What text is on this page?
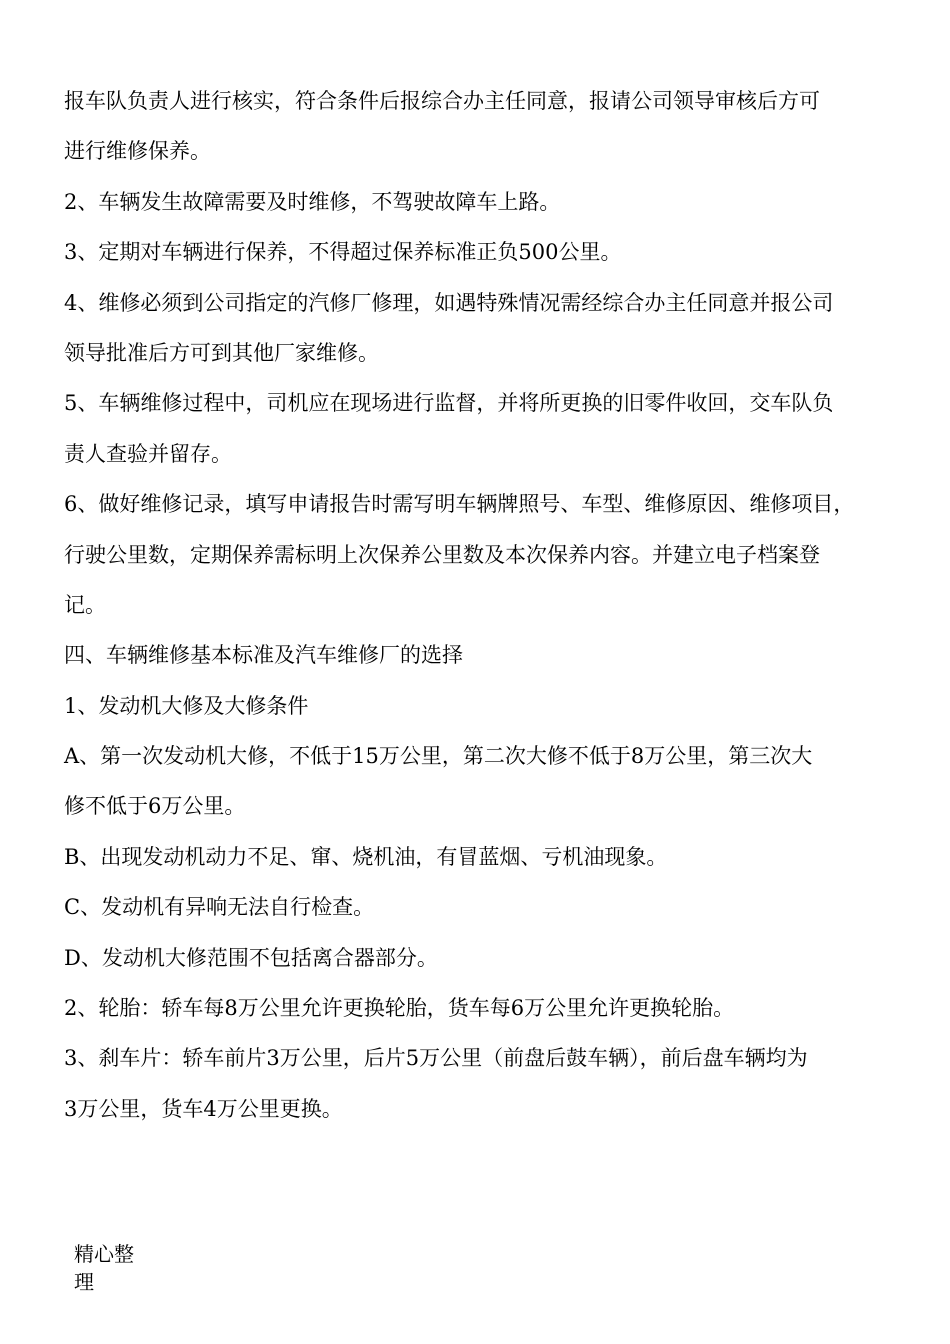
报车队负责人进行核实，符合条件后报综合办主任同意，报请公司领导审核后方可
进行维修保养。
2、车辆发生故障需要及时维修，不驾驶故障车上路。
3、定期对车辆进行保养，不得超过保养标准正负500公里。
4、维修必须到公司指定的汽修厂修理，如遇特殊情况需经综合办主任同意并报公司
领导批准后方可到其他厂家维修。
5、车辆维修过程中，司机应在现场进行监督，并将所更换的旧零件收回，交车队负
责人查验并留存。
6、做好维修记录，填写申请报告时需写明车辆牌照号、车型、维修原因、维修项目，
行驶公里数，定期保养需标明上次保养公里数及本次保养内容。并建立电子档案登
记。
四、车辆维修基本标准及汽车维修厂的选择
1、发动机大修及大修条件
A、第一次发动机大修，不低于15万公里，第二次大修不低于8万公里，第三次大
修不低于6万公里。
B、出现发动机动力不足、窜、烧机油，有冒蓝烟、亏机油现象。
C、发动机有异响无法自行检查。
D、发动机大修范围不包括离合器部分。
2、轮胎：轿车每8万公里允许更换轮胎，货车每6万公里允许更换轮胎。
3、刹车片：轿车前片3万公里，后片5万公里（前盘后鼓车辆），前后盘车辆均为
3万公里，货车4万公里更换。
精心整
理
